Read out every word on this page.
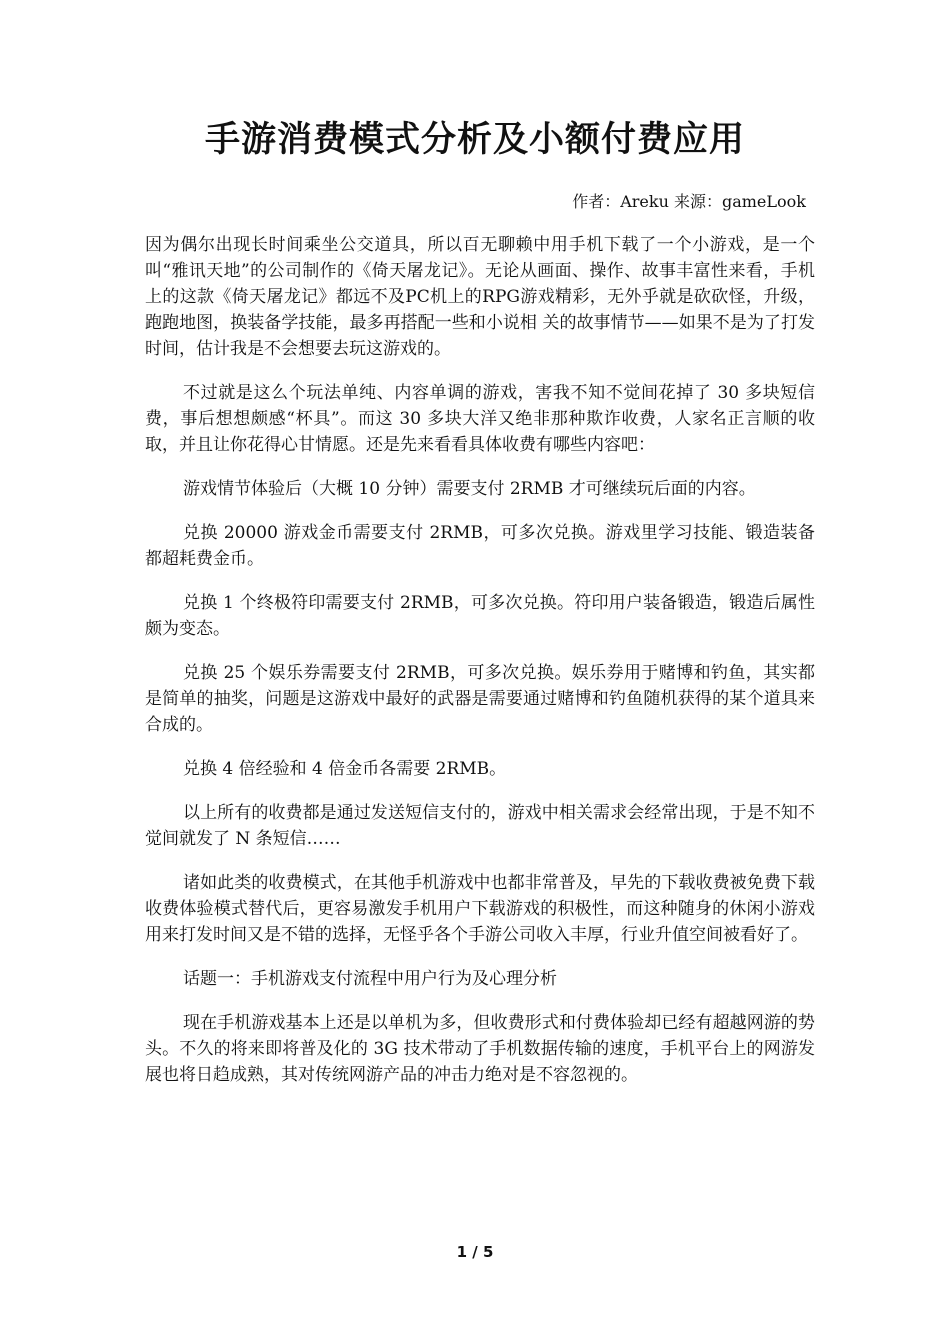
手游消费模式分析及小额付费应用

作者：Areku 来源：gameLook

因为偶尔出现长时间乘坐公交道具，所以百无聊赖中用手机下载了一个小游戏，是一个叫“雅讯天地”的公司制作的《倚天屠龙记》。无论从画面、操作、故事丰富性来看，手机上的这款《倚天屠龙记》都远不及PC机上的RPG游戏精彩，无外乎就是砍砍怪，升级，跑跑地图，换装备学技能，最多再搭配一些和小说相 关的故事情节——如果不是为了打发时间，估计我是不会想要去玩这游戏的。

不过就是这么个玩法单纯、内容单调的游戏，害我不知不觉间花掉了 30 多块短信费，事后想想颇感“杯具”。而这 30 多块大洋又绝非那种欺诈收费，人家名正言顺的收取，并且让你花得心甘情愿。还是先来看看具体收费有哪些内容吧：

游戏情节体验后（大概 10 分钟）需要支付 2RMB 才可继续玩后面的内容。

兑换 20000 游戏金币需要支付 2RMB，可多次兑换。游戏里学习技能、锻造装备都超耗费金币。

兑换 1 个终极符印需要支付 2RMB，可多次兑换。符印用户装备锻造，锻造后属性颇为变态。

兑换 25 个娱乐券需要支付 2RMB，可多次兑换。娱乐券用于赌博和钓鱼，其实都是简单的抽奖，问题是这游戏中最好的武器是需要通过赌博和钓鱼随机获得的某个道具来合成的。

兑换 4 倍经验和 4 倍金币各需要 2RMB。

以上所有的收费都是通过发送短信支付的，游戏中相关需求会经常出现，于是不知不觉间就发了 N 条短信……

诸如此类的收费模式，在其他手机游戏中也都非常普及，早先的下载收费被免费下载收费体验模式替代后，更容易激发手机用户下载游戏的积极性，而这种随身的休闲小游戏用来打发时间又是不错的选择，无怪乎各个手游公司收入丰厚，行业升值空间被看好了。

话题一：手机游戏支付流程中用户行为及心理分析

现在手机游戏基本上还是以单机为多，但收费形式和付费体验却已经有超越网游的势头。不久的将来即将普及化的 3G 技术带动了手机数据传输的速度，手机平台上的网游发展也将日趋成熟，其对传统网游产品的冲击力绝对是不容忽视的。

1 / 5
